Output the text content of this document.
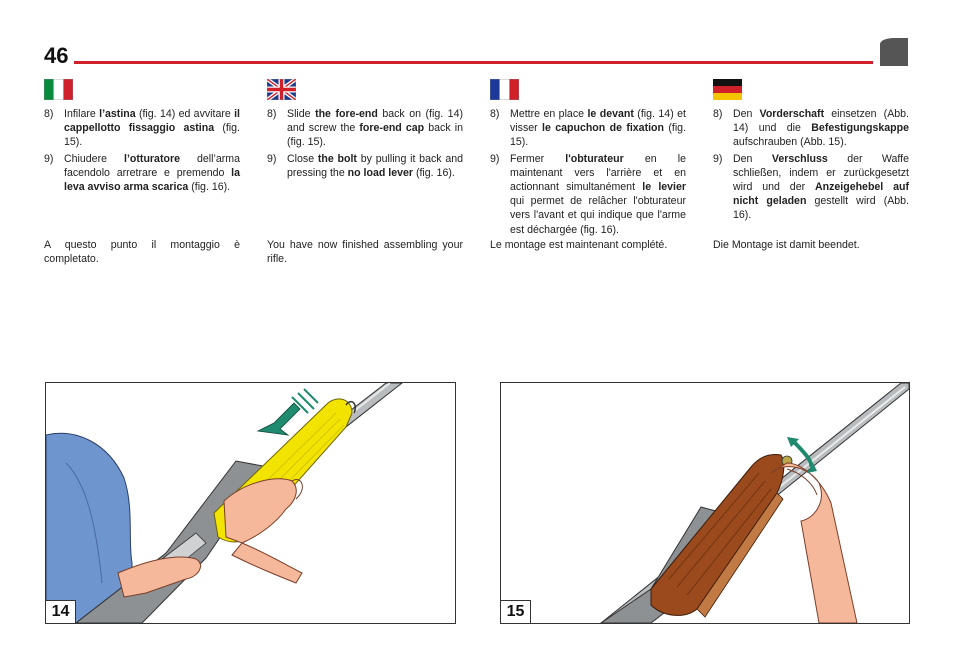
46
8) Infilare l’astina (fig. 14) ed avvitare il cappellotto fissaggio astina (fig. 15).
9) Chiudere l’otturatore dell’arma facendolo arretrare e premendo la leva avviso arma scarica (fig. 16).
A questo punto il montaggio è completato.
8) Slide the fore-end back on (fig. 14) and screw the fore-end cap back in (fig. 15).
9) Close the bolt by pulling it back and pressing the no load lever (fig. 16).
You have now finished assembling your rifle.
8) Mettre en place le devant (fig. 14) et visser le capuchon de fixation (fig. 15).
9) Fermer l'obturateur en le maintenant vers l'arrière et en actionnant simultanément le levier qui permet de relâcher l'obturateur vers l'avant et qui indique que l'arme est déchargée (fig. 16).
Le montage est maintenant complété.
8) Den Vorderschaft einsetzen (Abb. 14) und die Befestigungskappe aufschrauben (Abb. 15).
9) Den Verschluss der Waffe schließen, indem er zurückgesetzt wird und der Anzeigehebel auf nicht geladen gestellt wird (Abb. 16).
Die Montage ist damit beendet.
14	15
